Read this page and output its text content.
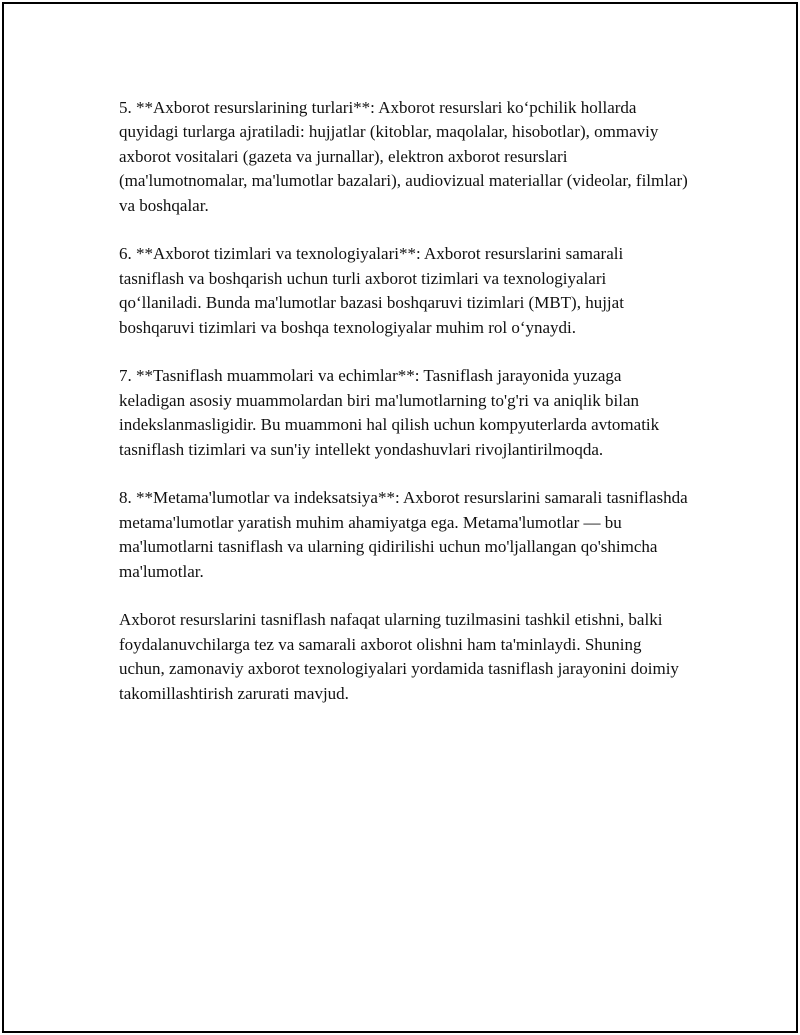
5. **Axborot resurslarining turlari**: Axborot resurslari ko‘pchilik hollarda quyidagi turlarga ajratiladi: hujjatlar (kitoblar, maqolalar, hisobotlar), ommaviy axborot vositalari (gazeta va jurnallar), elektron axborot resurslari (ma'lumotnomalar, ma'lumotlar bazalari), audiovizual materiallar (videolar, filmlar) va boshqalar.

6. **Axborot tizimlari va texnologiyalari**: Axborot resurslarini samarali tasniflash va boshqarish uchun turli axborot tizimlari va texnologiyalari qo‘llaniladi. Bunda ma'lumotlar bazasi boshqaruvi tizimlari (MBT), hujjat boshqaruvi tizimlari va boshqa texnologiyalar muhim rol o‘ynaydi.

7. **Tasniflash muammolari va echimlar**: Tasniflash jarayonida yuzaga keladigan asosiy muammolardan biri ma'lumotlarning to'g'ri va aniqlik bilan indekslanmasligidir. Bu muammoni hal qilish uchun kompyuterlarda avtomatik tasniflash tizimlari va sun'iy intellekt yondashuvlari rivojlantirilmoqda.

8. **Metama'lumotlar va indeksatsiya**: Axborot resurslarini samarali tasniflashda metama'lumotlar yaratish muhim ahamiyatga ega. Metama'lumotlar — bu ma'lumotlarni tasniflash va ularning qidirilishi uchun mo'ljallangan qo'shimcha ma'lumotlar.

Axborot resurslarini tasniflash nafaqat ularning tuzilmasini tashkil etishni, balki foydalanuvchilarga tez va samarali axborot olishni ham ta'minlaydi. Shuning uchun, zamonaviy axborot texnologiyalari yordamida tasniflash jarayonini doimiy takomillashtirish zarurati mavjud.
